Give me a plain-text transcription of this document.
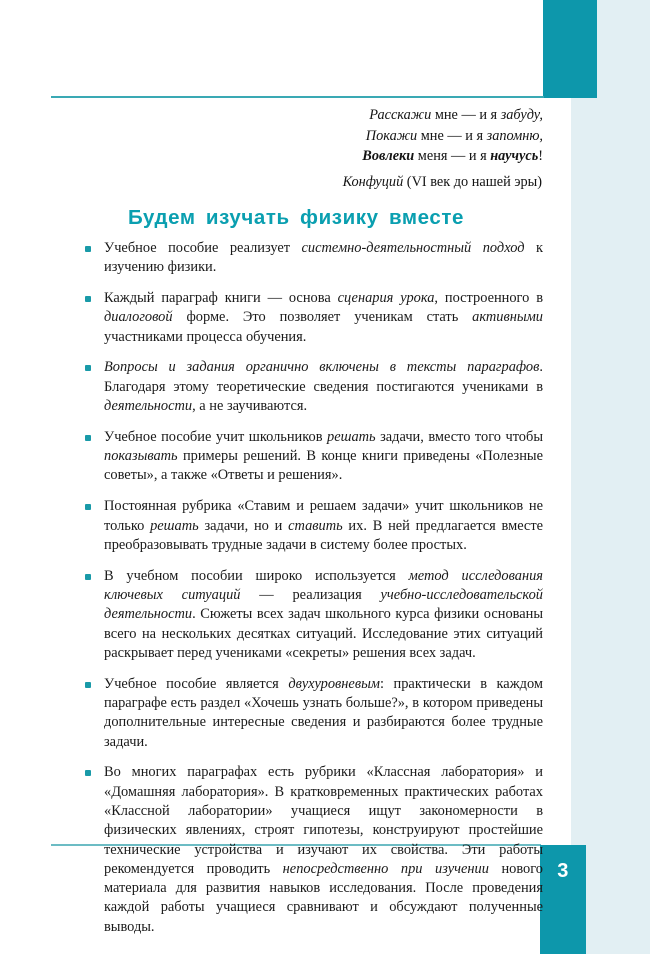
3

Расскажи мне — и я забуду,

Покажи мне — и я запомню,

Вовлеки меня — и я научусь!

Конфуций (VI век до нашей эры)

Будем изучать физику вместе
Учебное пособие реализует системно-деятельностный подход к изучению физики.
Каждый параграф книги — основа сценария урока, построенного в диалоговой форме. Это позволяет ученикам стать активными участниками процесса обучения.
Вопросы и задания органично включены в тексты параграфов. Благодаря этому теоретические сведения постигаются учениками в деятельности, а не заучиваются.
Учебное пособие учит школьников решать задачи, вместо того чтобы показывать примеры решений. В конце книги приведены «Полезные советы», а также «Ответы и решения».
Постоянная рубрика «Ставим и решаем задачи» учит школьников не только решать задачи, но и ставить их. В ней предлагается вместе преобразовывать трудные задачи в систему более простых.
В учебном пособии широко используется метод исследования ключевых ситуаций — реализация учебно-исследовательской деятельности. Сюжеты всех задач школьного курса физики основаны всего на нескольких десятках ситуаций. Исследование этих ситуаций раскрывает перед учениками «секреты» решения всех задач.
Учебное пособие является двухуровневым: практически в каждом параграфе есть раздел «Хочешь узнать больше?», в котором приведены дополнительные интересные сведения и разбираются более трудные задачи.
Во многих параграфах есть рубрики «Классная лаборатория» и «Домашняя лаборатория». В кратковременных практических работах «Классной лаборатории» учащиеся ищут закономерности в физических явлениях, строят гипотезы, конструируют простейшие технические устройства и изучают их свойства. Эти работы рекомендуется проводить непосредственно при изучении нового материала для развития навыков исследования. После проведения каждой работы учащиеся сравнивают и обсуждают полученные выводы.
